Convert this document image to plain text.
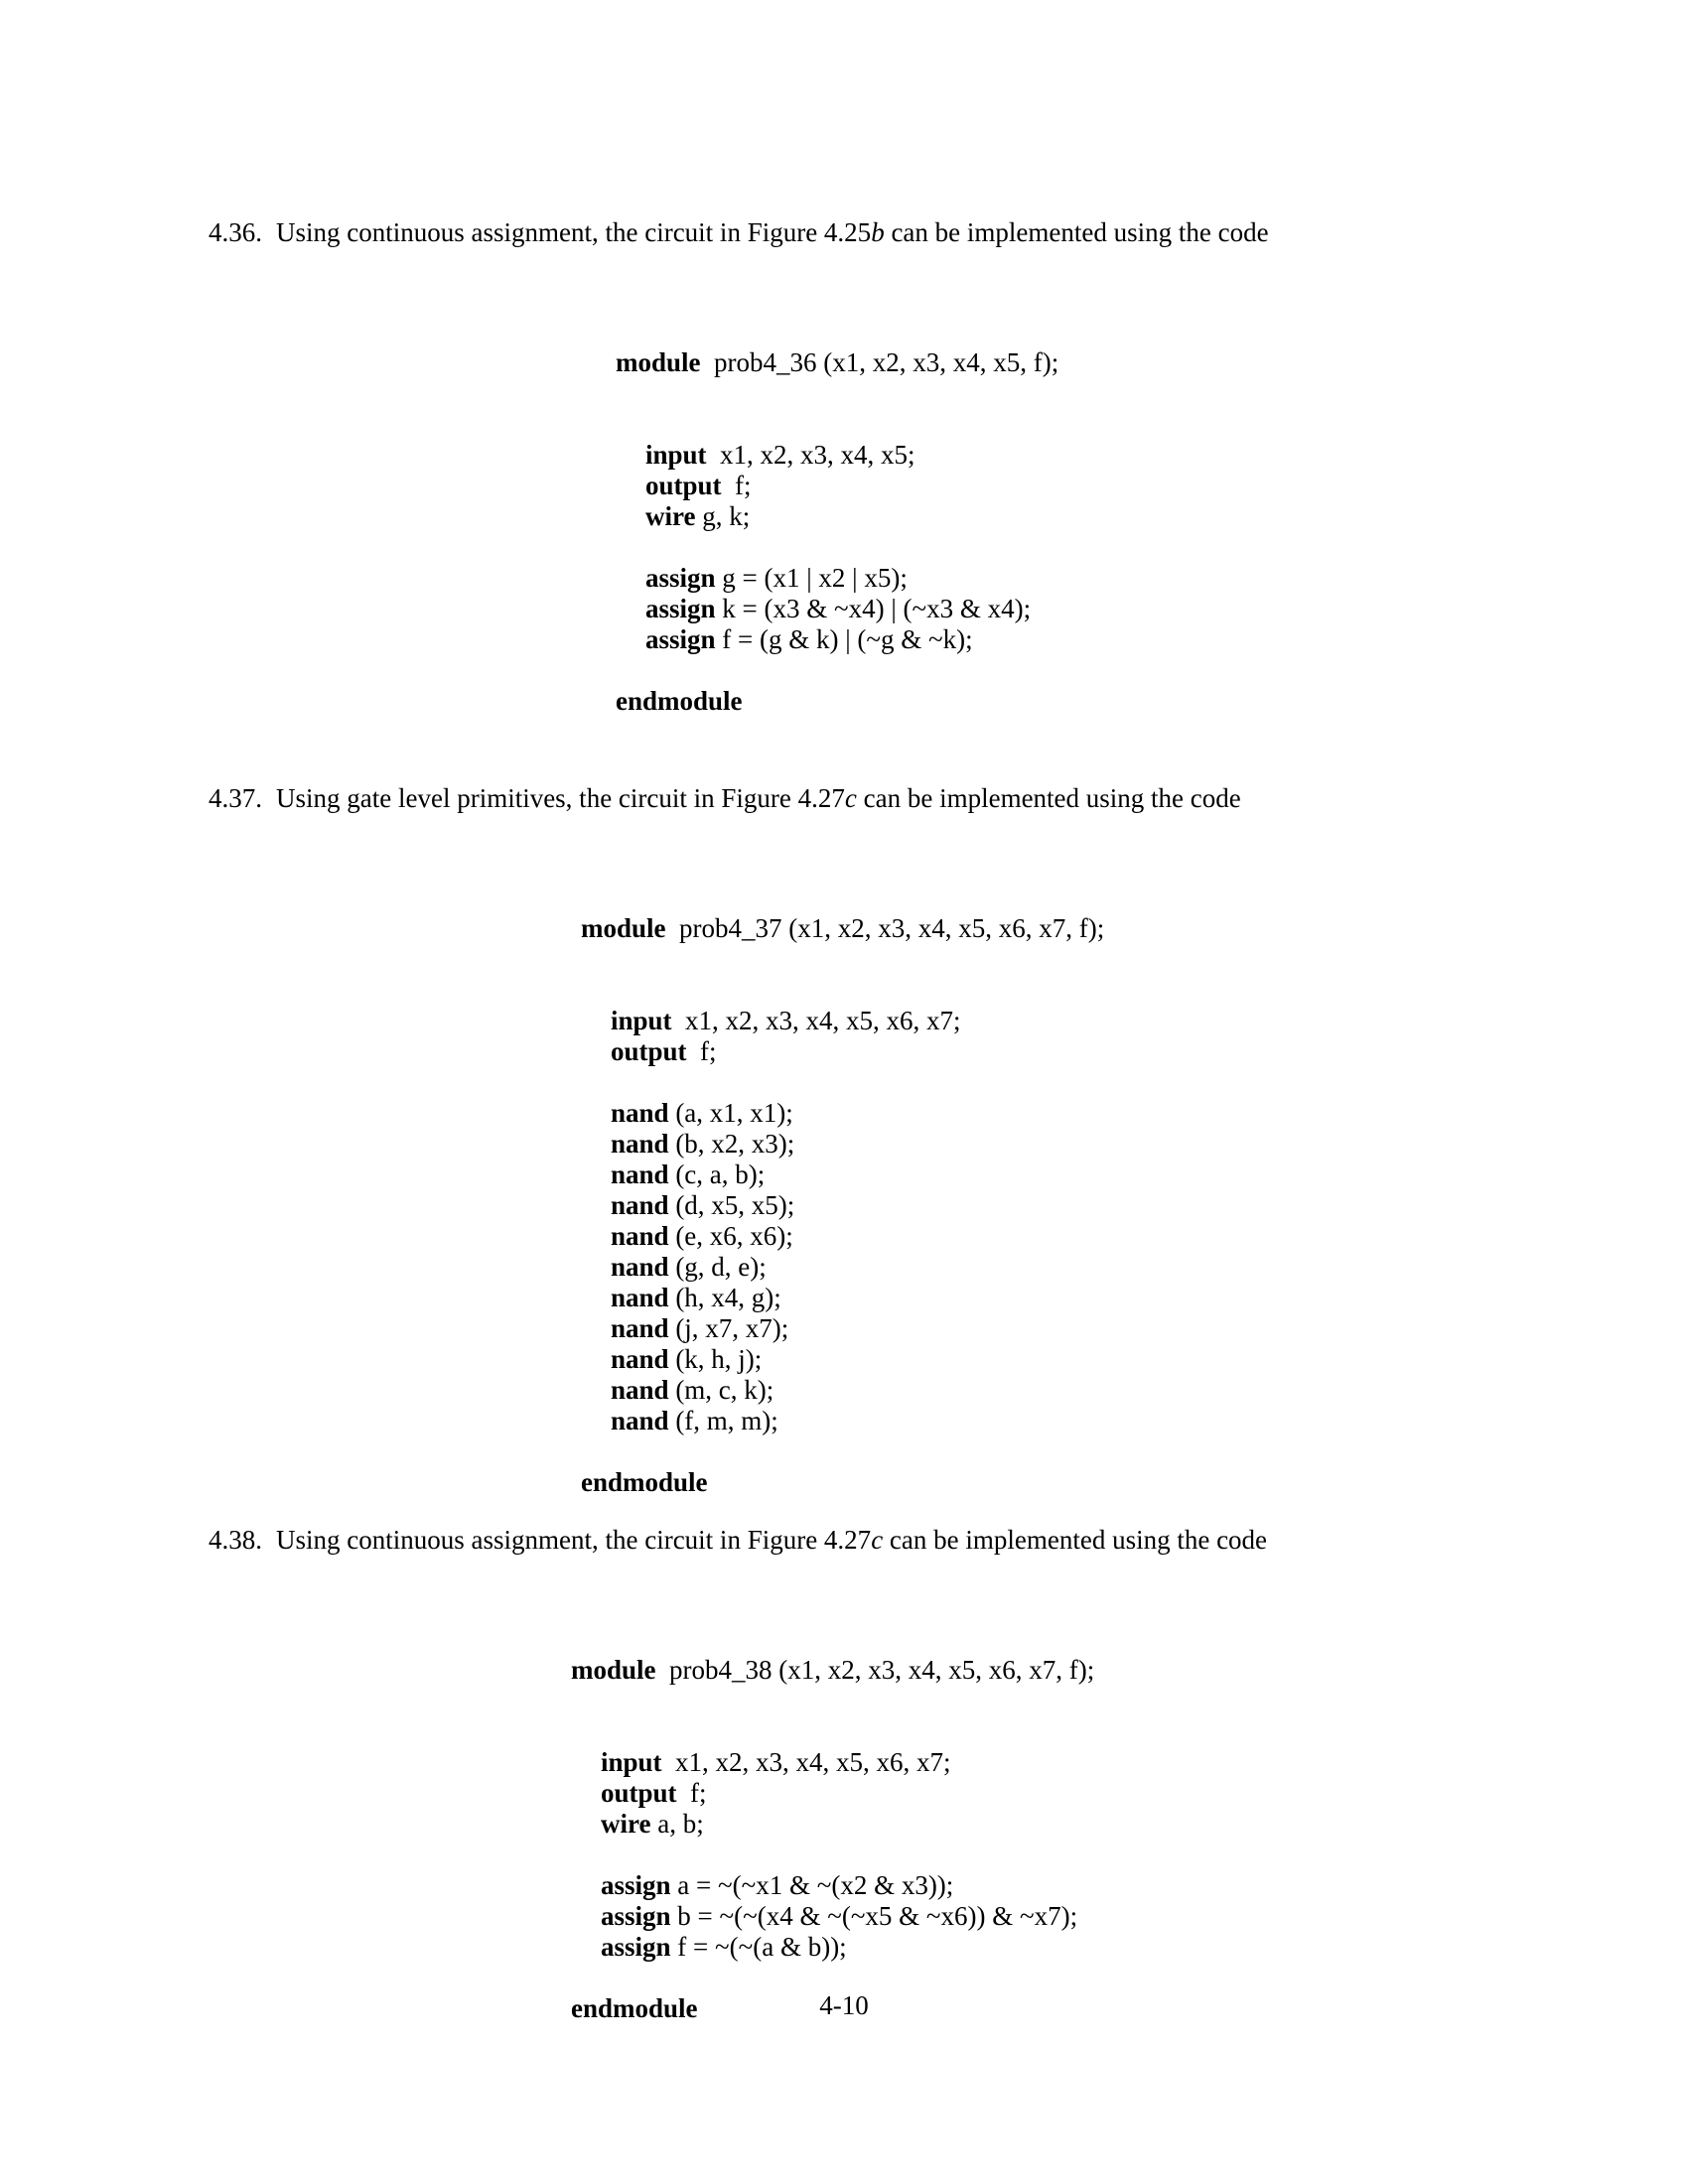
4.36. Using continuous assignment, the circuit in Figure 4.25b can be implemented using the code

module  prob4_36 (x1, x2, x3, x4, x5, f);

input  x1, x2, x3, x4, x5;
output  f;
wire g, k;
assign g = (x1 | x2 | x5);
assign k = (x3 & ~x4) | (~x3 & x4);
assign f = (g & k) | (~g & ~k);
endmodule

4.37. Using gate level primitives, the circuit in Figure 4.27c can be implemented using the code

module  prob4_37 (x1, x2, x3, x4, x5, x6, x7, f);

input  x1, x2, x3, x4, x5, x6, x7;
output  f;
nand (a, x1, x1);
nand (b, x2, x3);
nand (c, a, b);
nand (d, x5, x5);
nand (e, x6, x6);
nand (g, d, e);
nand (h, x4, g);
nand (j, x7, x7);
nand (k, h, j);
nand (m, c, k);
nand (f, m, m);
endmodule

4.38. Using continuous assignment, the circuit in Figure 4.27c can be implemented using the code

module  prob4_38 (x1, x2, x3, x4, x5, x6, x7, f);

input  x1, x2, x3, x4, x5, x6, x7;
output  f;
wire a, b;
assign a = ~(~x1 & ~(x2 & x3));
assign b = ~(~(x4 & ~(~x5 & ~x6)) & ~x7);
assign f = ~(~(a & b));
endmodule

	4-10
